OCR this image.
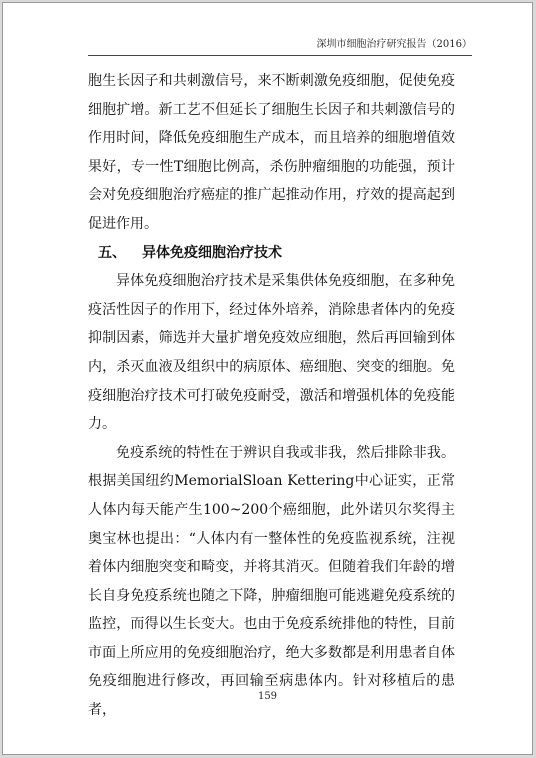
深圳市细胞治疗研究报告（2016）

胞生长因子和共刺激信号，来不断刺激免疫细胞，促使免疫细胞扩增。新工艺不但延长了细胞生长因子和共刺激信号的作用时间，降低免疫细胞生产成本，而且培养的细胞增值效果好，专一性T细胞比例高，杀伤肿瘤细胞的功能强，预计会对免疫细胞治疗癌症的推广起推动作用，疗效的提高起到促进作用。

五、 异体免疫细胞治疗技术

异体免疫细胞治疗技术是采集供体免疫细胞，在多种免疫活性因子的作用下，经过体外培养，消除患者体内的免疫抑制因素，筛选并大量扩增免疫效应细胞，然后再回输到体内，杀灭血液及组织中的病原体、癌细胞、突变的细胞。免疫细胞治疗技术可打破免疫耐受，激活和增强机体的免疫能力。

免疫系统的特性在于辨识自我或非我，然后排除非我。根据美国纽约MemorialSloan Kettering中心证实，正常人体内每天能产生100~200个癌细胞，此外诺贝尔奖得主奥宝林也提出：“人体内有一整体性的免疫监视系统，注视着体内细胞突变和畸变，并将其消灭。但随着我们年龄的增长自身免疫系统也随之下降，肿瘤细胞可能逃避免疫系统的监控，而得以生长变大。也由于免疫系统排他的特性，目前市面上所应用的免疫细胞治疗，绝大多数都是利用患者自体免疫细胞进行修改，再回输至病患体内。针对移植后的患者，

159
